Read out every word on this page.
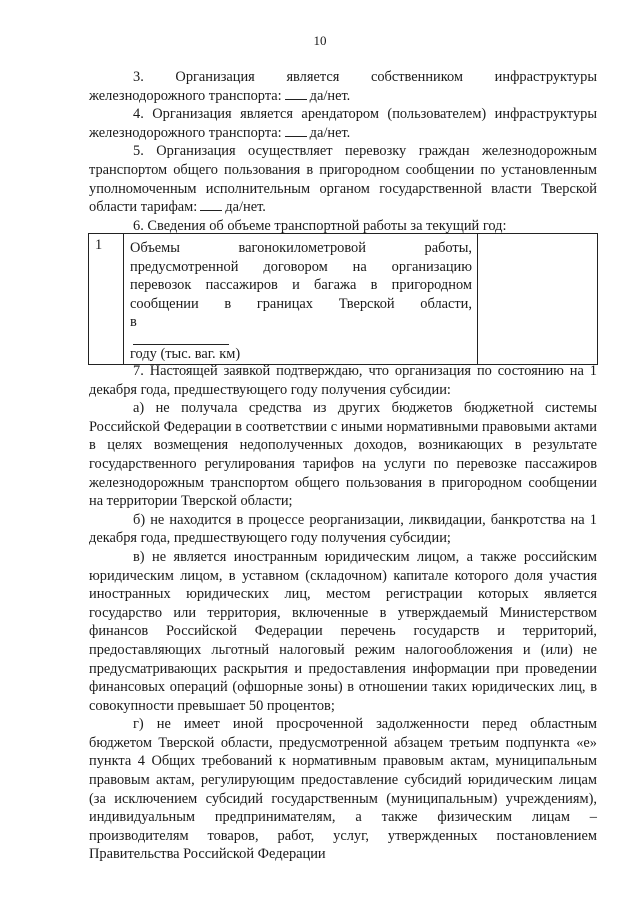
10

3. Организация является собственником инфраструктуры

железнодорожного транспорта: да/нет.

4. Организация является арендатором (пользователем) инфраструктуры

железнодорожного транспорта: да/нет.

5. Организация осуществляет перевозку граждан железнодорожным транспортом общего пользования в пригородном сообщении по установленным уполномоченным исполнительным органом государственной власти Тверской области тарифам: да/нет.

6. Сведения об объеме транспортной работы за текущий год:

1	Объемы вагонокилометровой работы,
предусмотренной договором на организацию
перевозок пассажиров и багажа в пригородном
сообщении в границах Тверской области,
в
году (тыс. ваг. км)

7. Настоящей заявкой подтверждаю, что организация по состоянию на 1 декабря года, предшествующего году получения субсидии:

а) не получала средства из других бюджетов бюджетной системы Российской Федерации в соответствии с иными нормативными правовыми актами в целях возмещения недополученных доходов, возникающих в результате государственного регулирования тарифов на услуги по перевозке пассажиров железнодорожным транспортом общего пользования в пригородном сообщении на территории Тверской области;

б) не находится в процессе реорганизации, ликвидации, банкротства на 1 декабря года, предшествующего году получения субсидии;

в) не является иностранным юридическим лицом, а также российским юридическим лицом, в уставном (складочном) капитале которого доля участия иностранных юридических лиц, местом регистрации которых является государство или территория, включенные в утверждаемый Министерством финансов Российской Федерации перечень государств и территорий, предоставляющих льготный налоговый режим налогообложения и (или) не предусматривающих раскрытия и предоставления информации при проведении финансовых операций (офшорные зоны) в отношении таких юридических лиц, в совокупности превышает 50 процентов;

г) не имеет иной просроченной задолженности перед областным бюджетом Тверской области, предусмотренной абзацем третьим подпункта «е» пункта 4 Общих требований к нормативным правовым актам, муниципальным правовым актам, регулирующим предоставление субсидий юридическим лицам (за исключением субсидий государственным (муниципальным) учреждениям), индивидуальным предпринимателям, а также физическим лицам – производителям товаров, работ, услуг, утвержденных постановлением Правительства Российской Федерации
